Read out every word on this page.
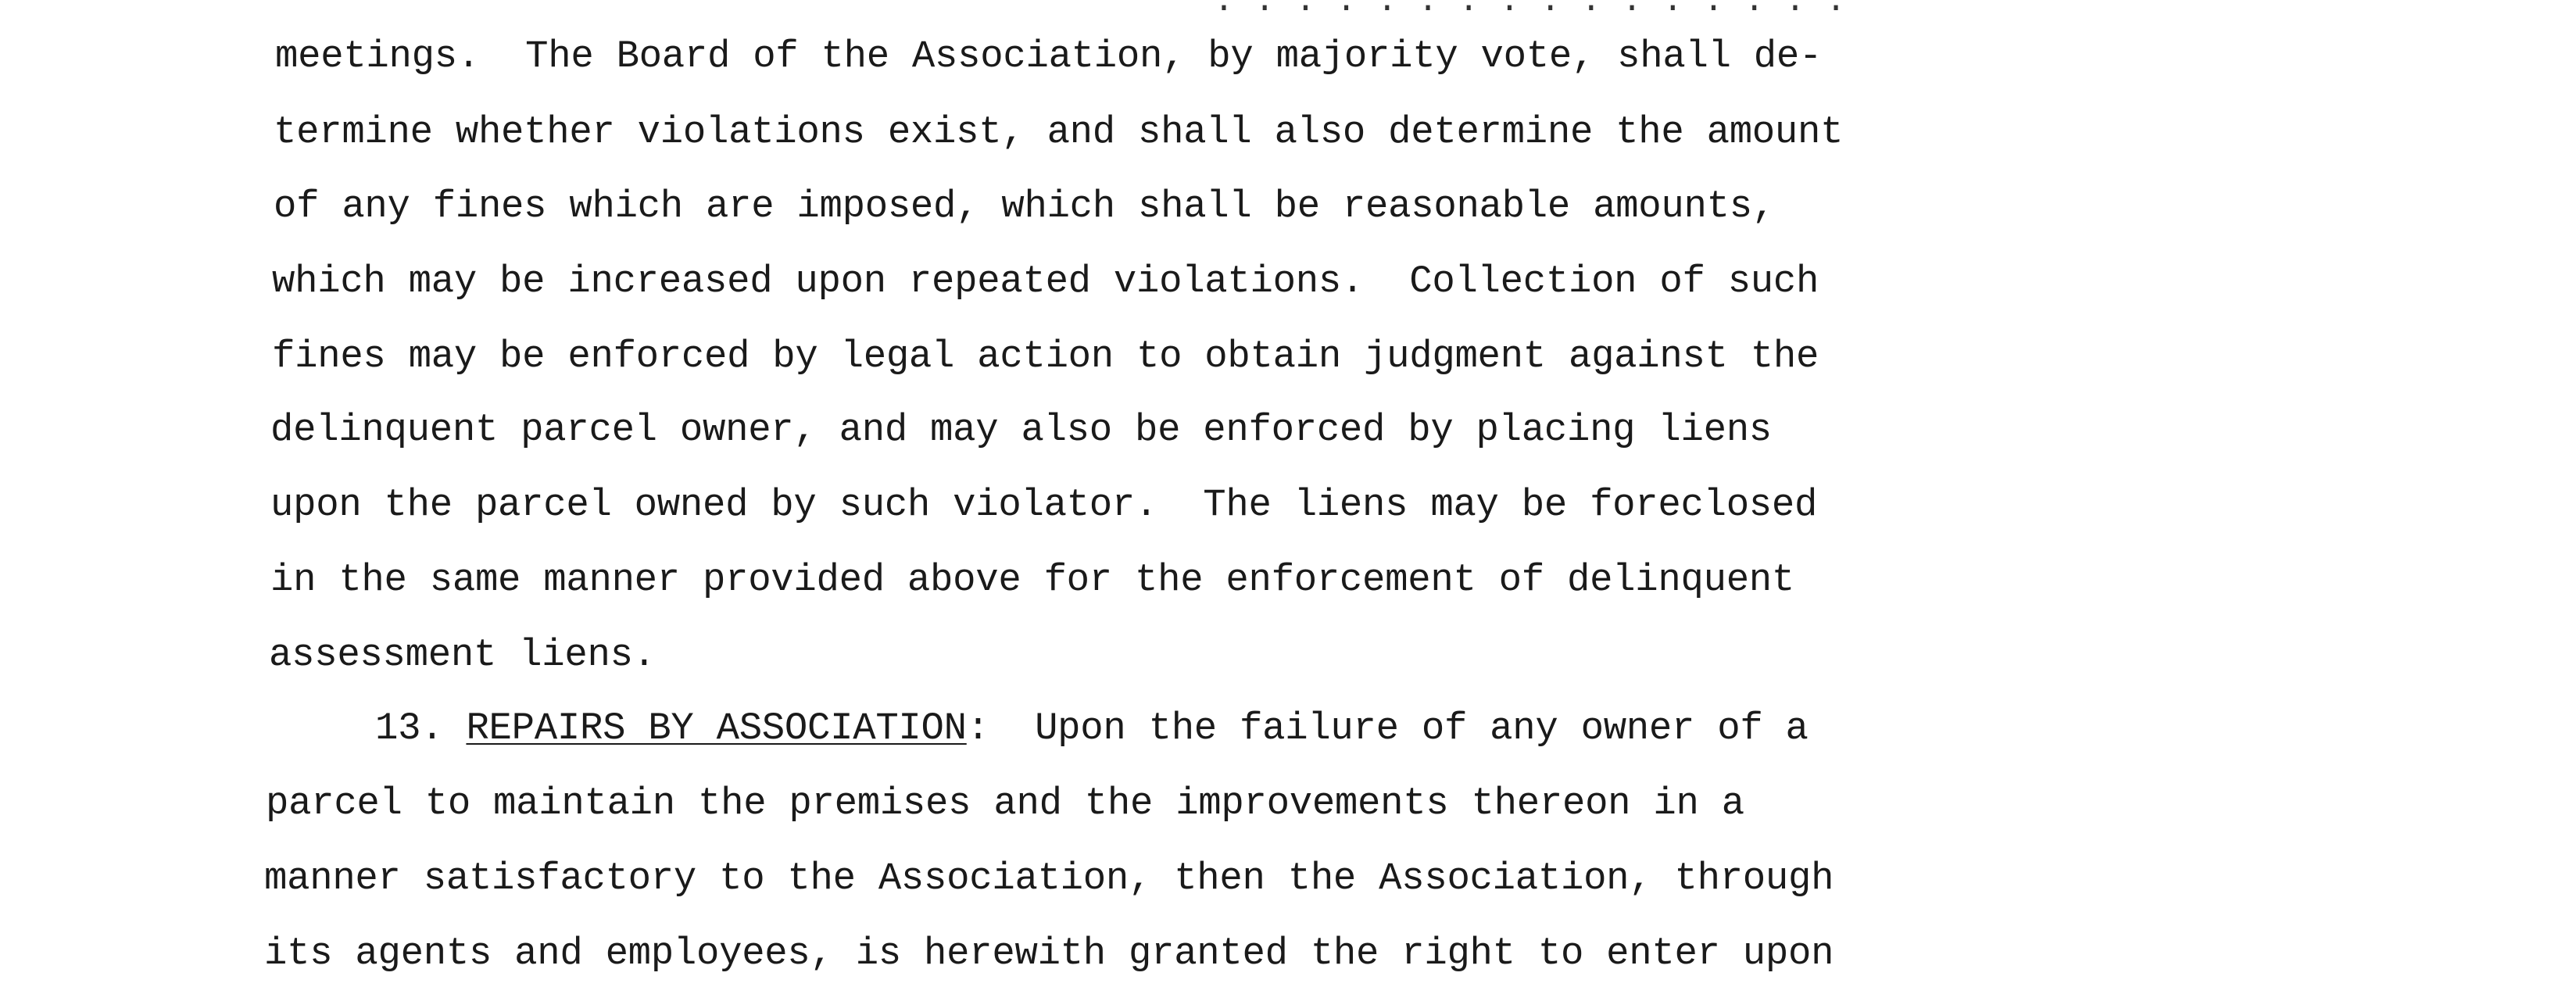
. . . . . . . . . . . . . . . .
meetings.  The Board of the Association, by majority vote, shall de-
termine whether violations exist, and shall also determine the amount
of any fines which are imposed, which shall be reasonable amounts,
which may be increased upon repeated violations.  Collection of such
fines may be enforced by legal action to obtain judgment against the
delinquent parcel owner, and may also be enforced by placing liens
upon the parcel owned by such violator.  The liens may be foreclosed
in the same manner provided above for the enforcement of delinquent
assessment liens.
13. REPAIRS BY ASSOCIATION:  Upon the failure of any owner of a
parcel to maintain the premises and the improvements thereon in a
manner satisfactory to the Association, then the Association, through
its agents and employees, is herewith granted the right to enter upon
